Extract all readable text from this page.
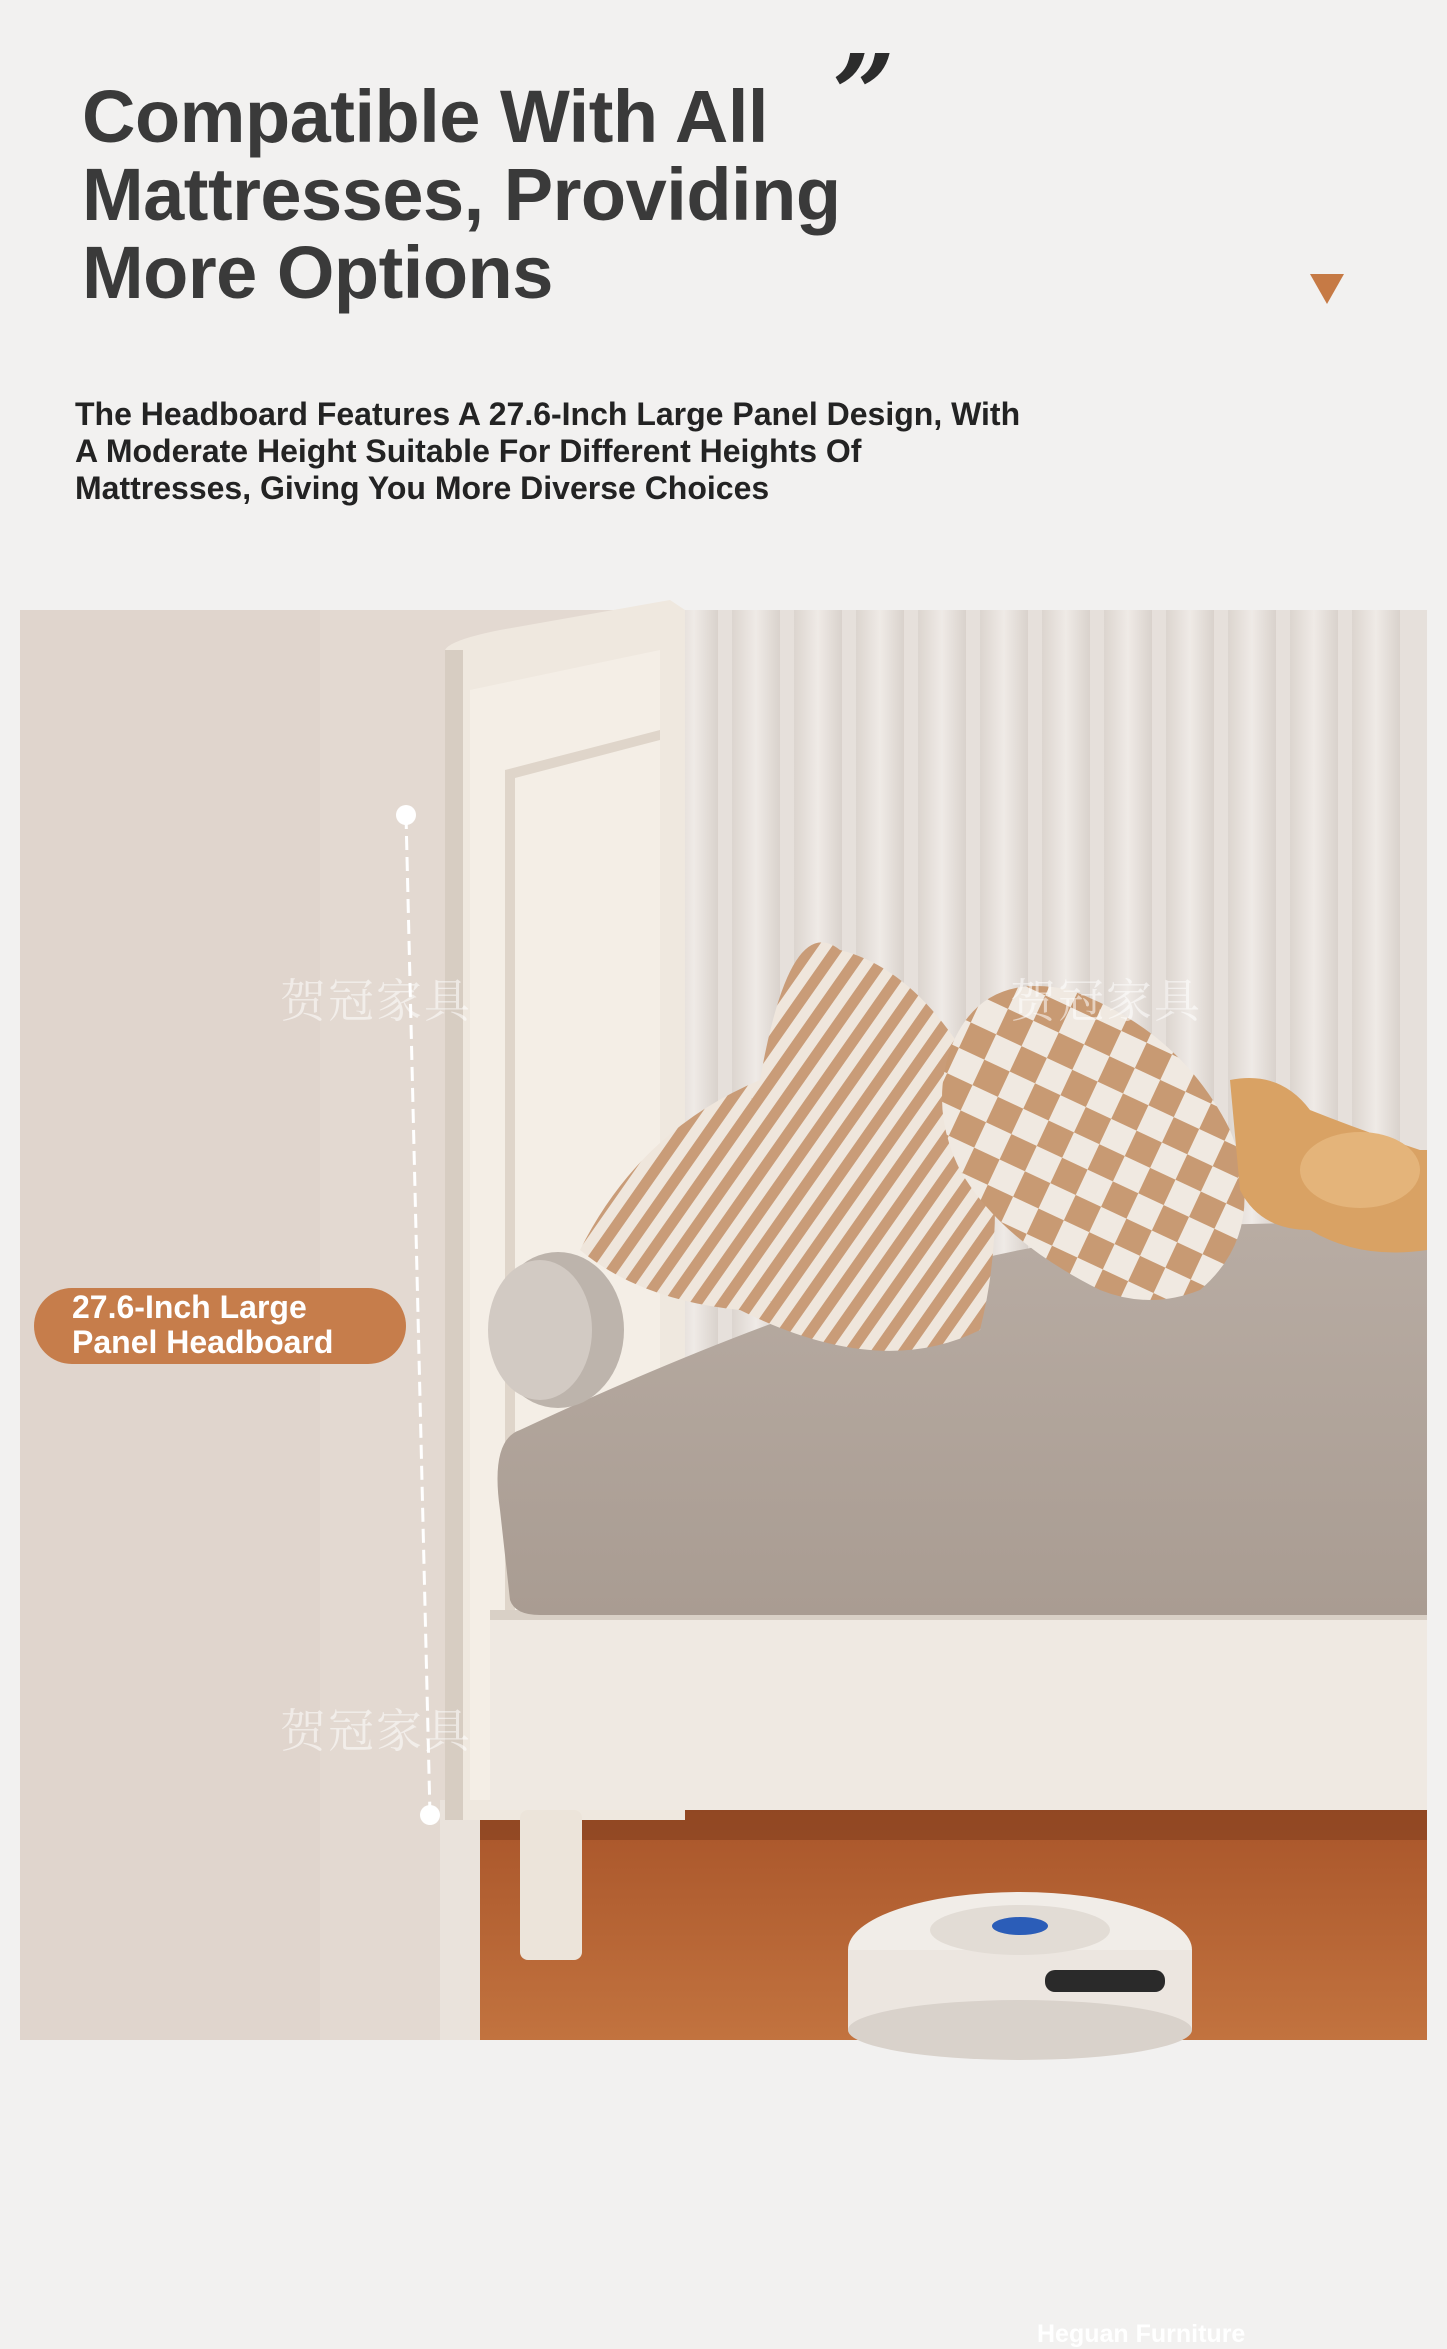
Compatible With All Mattresses, Providing More Options
”

The Headboard Features A 27.6-Inch Large Panel Design, With A Moderate Height Suitable For Different Heights Of Mattresses, Giving You More Diverse Choices

贺冠家具	贺冠家具
贺冠家具
Heguan Furniture
27.6-Inch Large
Panel Headboard
